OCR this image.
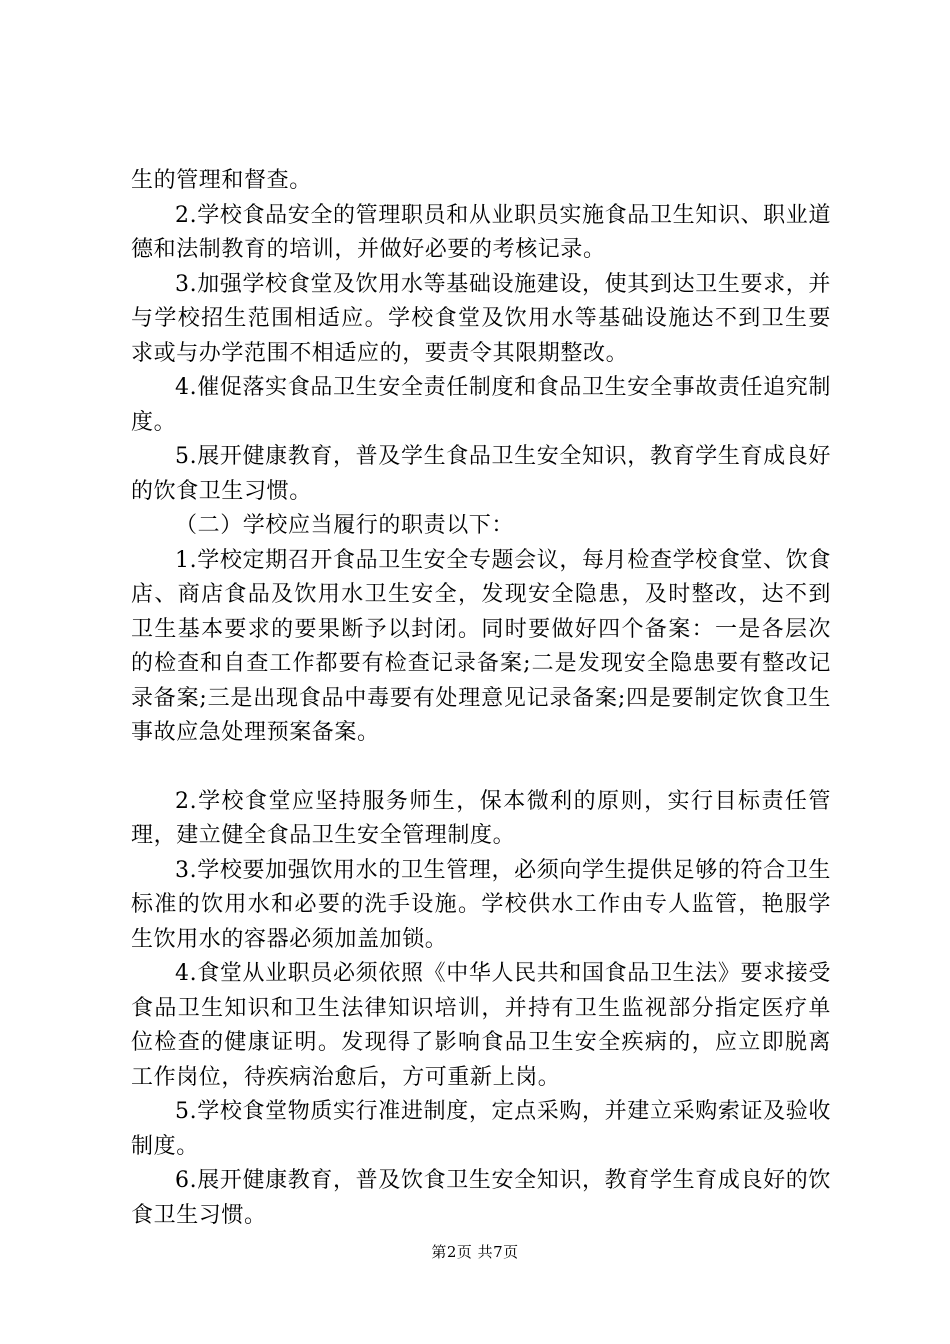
生的管理和督查。

2.学校食品安全的管理职员和从业职员实施食品卫生知识、职业道德和法制教育的培训，并做好必要的考核记录。

3.加强学校食堂及饮用水等基础设施建设，使其到达卫生要求，并与学校招生范围相适应。学校食堂及饮用水等基础设施达不到卫生要求或与办学范围不相适应的，要责令其限期整改。

4.催促落实食品卫生安全责任制度和食品卫生安全事故责任追究制度。

5.展开健康教育，普及学生食品卫生安全知识，教育学生育成良好的饮食卫生习惯。

（二）学校应当履行的职责以下：

1.学校定期召开食品卫生安全专题会议，每月检查学校食堂、饮食店、商店食品及饮用水卫生安全，发现安全隐患，及时整改，达不到卫生基本要求的要果断予以封闭。同时要做好四个备案：一是各层次的检查和自查工作都要有检查记录备案;二是发现安全隐患要有整改记录备案;三是出现食品中毒要有处理意见记录备案;四是要制定饮食卫生事故应急处理预案备案。

2.学校食堂应坚持服务师生，保本微利的原则，实行目标责任管理，建立健全食品卫生安全管理制度。

3.学校要加强饮用水的卫生管理，必须向学生提供足够的符合卫生标准的饮用水和必要的洗手设施。学校供水工作由专人监管，艳服学生饮用水的容器必须加盖加锁。

4.食堂从业职员必须依照《中华人民共和国食品卫生法》要求接受食品卫生知识和卫生法律知识培训，并持有卫生监视部分指定医疗单位检查的健康证明。发现得了影响食品卫生安全疾病的，应立即脱离工作岗位，待疾病治愈后，方可重新上岗。

5.学校食堂物质实行准进制度，定点采购，并建立采购索证及验收制度。

6.展开健康教育，普及饮食卫生安全知识，教育学生育成良好的饮食卫生习惯。

第2页 共7页
